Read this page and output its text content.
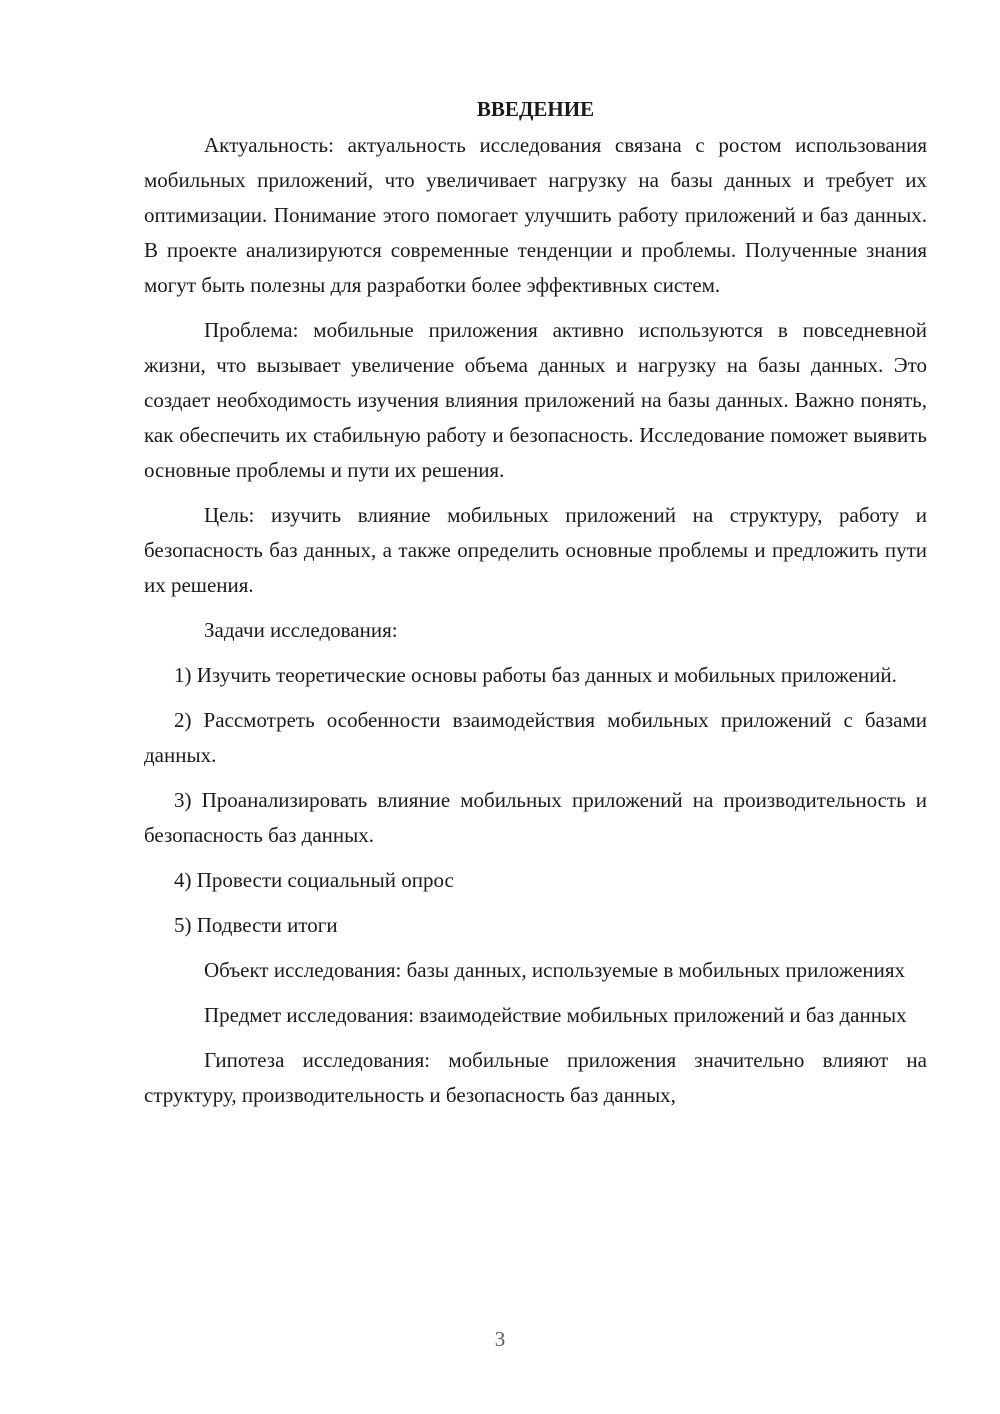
ВВЕДЕНИЕ

Актуальность: актуальность исследования связана с ростом использования мобильных приложений, что увеличивает нагрузку на базы данных и требует их оптимизации. Понимание этого помогает улучшить работу приложений и баз данных. В проекте анализируются современные тенденции и проблемы. Полученные знания могут быть полезны для разработки более эффективных систем.

Проблема: мобильные приложения активно используются в повседневной жизни, что вызывает увеличение объема данных и нагрузку на базы данных. Это создает необходимость изучения влияния приложений на базы данных. Важно понять, как обеспечить их стабильную работу и безопасность. Исследование поможет выявить основные проблемы и пути их решения.

Цель: изучить влияние мобильных приложений на структуру, работу и безопасность баз данных, а также определить основные проблемы и предложить пути их решения.

Задачи исследования:

1) Изучить теоретические основы работы баз данных и мобильных приложений.

2) Рассмотреть особенности взаимодействия мобильных приложений с базами данных.

3) Проанализировать влияние мобильных приложений на производительность и безопасность баз данных.

4) Провести социальный опрос

5) Подвести итоги

Объект исследования: базы данных, используемые в мобильных приложениях

Предмет исследования: взаимодействие мобильных приложений и баз данных

Гипотеза исследования: мобильные приложения значительно влияют на структуру, производительность и безопасность баз данных,

3
